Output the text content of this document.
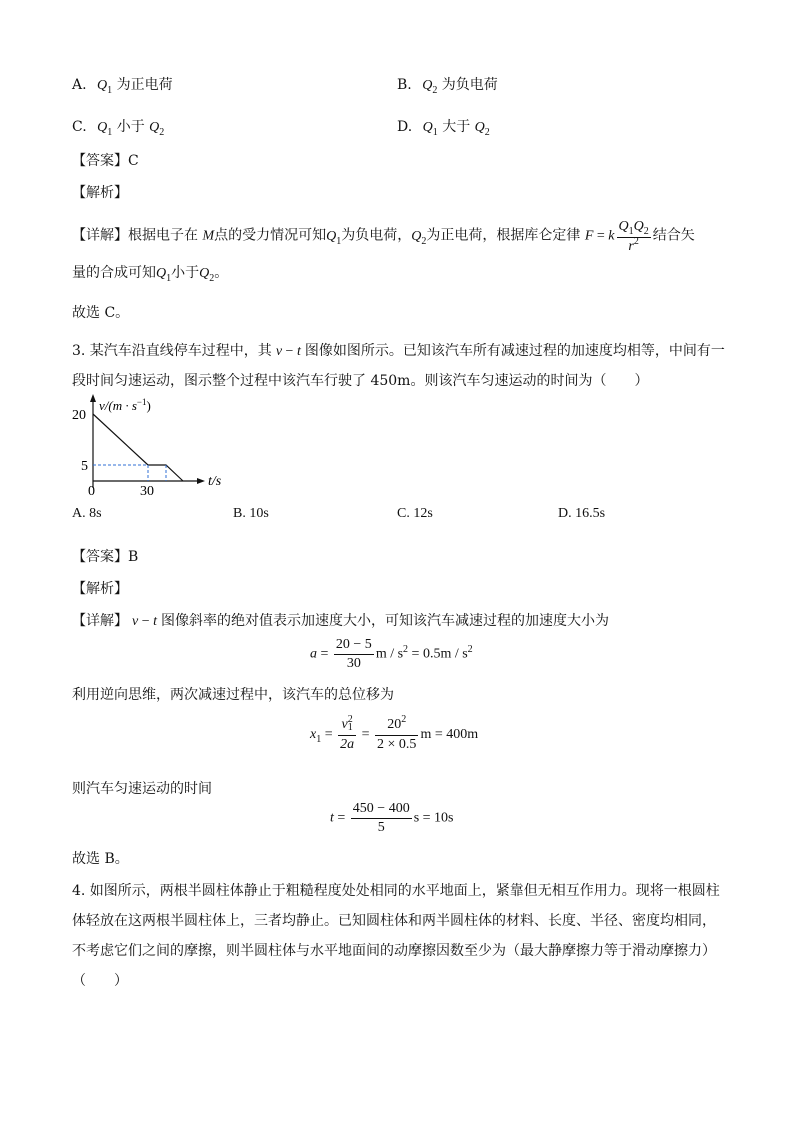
A. $Q_1$ 为正电荷	B. $Q_2$ 为负电荷
C. $Q_1$ 小于 $Q_2$	D. $Q_1$ 大于 $Q_2$
【答案】C
【解析】
【详解】根据电子在 M点的受力情况可知$Q_1$为负电荷，$Q_2$为正电荷，根据库仑定律 F = k $\frac{Q_1Q_2}{r^2}$ 结合矢
量的合成可知$Q_1$小于$Q_2$。
故选 C。
3. 某汽车沿直线停车过程中，其 v − t 图像如图所示。已知该汽车所有减速过程的加速度均相等，中间有一
段时间匀速运动，图示整个过程中该汽车行驶了 450m。则该汽车匀速运动的时间为（　　）
$v/(m \cdot s^{-1})$
20
5
0	30
t/s
A. 8s	B. 10s	C. 12s	D. 16.5s
【答案】B
【解析】
【详解】 v − t 图像斜率的绝对值表示加速度大小，可知该汽车减速过程的加速度大小为
$a = \frac{20 - 5}{30}$ $m / s^2 = 0.5m / s^2$
利用逆向思维，两次减速过程中，该汽车的总位移为
$x_1 = \frac{v^21}{2a} = \frac{20^2}{2 \times 0.5}$ m = 400m
则汽车匀速运动的时间
$t = \frac{450 - 400}{5}$ s = 10s
故选 B。
4. 如图所示，两根半圆柱体静止于粗糙程度处处相同的水平地面上，紧靠但无相互作用力。现将一根圆柱
体轻放在这两根半圆柱体上，三者均静止。已知圆柱体和两半圆柱体的材料、长度、半径、密度均相同，
不考虑它们之间的摩擦，则半圆柱体与水平地面间的动摩擦因数至少为（最大静摩擦力等于滑动摩擦力）
（　　）
